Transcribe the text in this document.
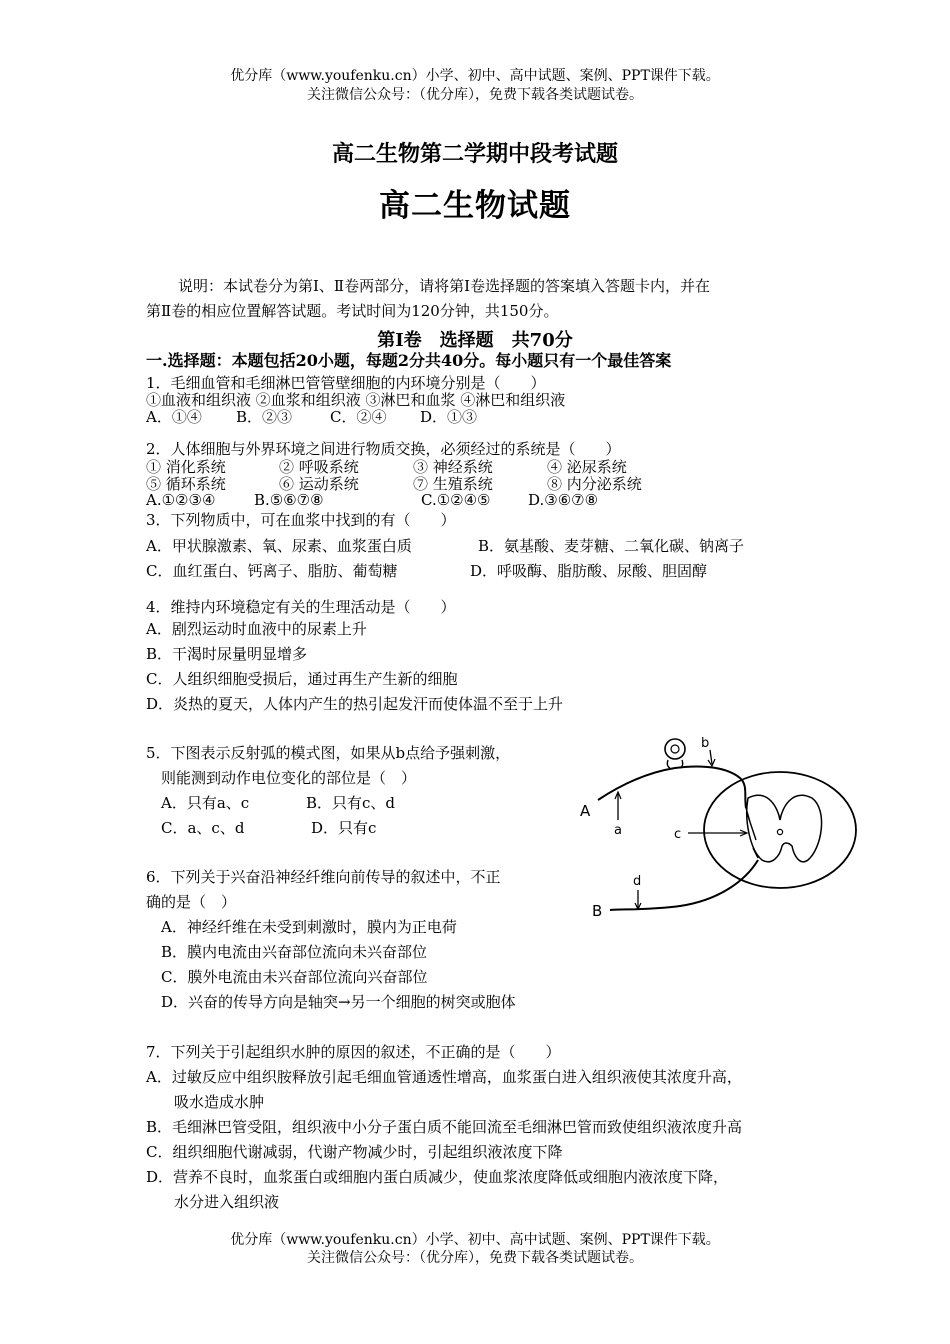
优分库（www.youfenku.cn）小学、初中、高中试题、案例、PPT课件下载。
关注微信公众号：（优分库），免费下载各类试题试卷。
高二生物第二学期中段考试题
高二生物试题
说明：本试卷分为第Ⅰ、Ⅱ卷两部分，请将第Ⅰ卷选择题的答案填入答题卡内，并在
第Ⅱ卷的相应位置解答试题。考试时间为120分钟，共150分。
第Ⅰ卷　选择题　共70分
一.选择题：本题包括20小题，每题2分共40分。每小题只有一个最佳答案
1．毛细血管和毛细淋巴管管壁细胞的内环境分别是（　　）
①血液和组织液 ②血浆和组织液 ③淋巴和血浆 ④淋巴和组织液
A．①④ B．②③	C．②④ D．①③
2．人体细胞与外界环境之间进行物质交换，必须经过的系统是（　　）
① 消化系统	② 呼吸系统	③ 神经系统	④ 泌尿系统
⑤ 循环系统	⑥ 运动系统	⑦ 生殖系统	⑧ 内分泌系统
A.①②③④	B.⑤⑥⑦⑧	C.①②④⑤	D.③⑥⑦⑧
3．下列物质中，可在血浆中找到的有（　　）
A．甲状腺激素、氧、尿素、血浆蛋白质	B．氨基酸、麦芽糖、二氧化碳、钠离子
C．血红蛋白、钙离子、脂肪、葡萄糖	D．呼吸酶、脂肪酸、尿酸、胆固醇
4．维持内环境稳定有关的生理活动是（　　）
A．剧烈运动时血液中的尿素上升
B．干渴时尿量明显增多
C．人组织细胞受损后，通过再生产生新的细胞
D．炎热的夏天，人体内产生的热引起发汗而使体温不至于上升
5．下图表示反射弧的模式图，如果从b点给予强刺激，
则能测到动作电位变化的部位是（　）
A．只有a、c	B．只有c、d
C．a、c、d	D．只有c
6．下列关于兴奋沿神经纤维向前传导的叙述中，不正
确的是（　）
A．神经纤维在未受到刺激时，膜内为正电荷
B．膜内电流由兴奋部位流向未兴奋部位
C．膜外电流由未兴奋部位流向兴奋部位
D．兴奋的传导方向是轴突→另一个细胞的树突或胞体
7．下列关于引起组织水肿的原因的叙述，不正确的是（　　）
A．过敏反应中组织胺释放引起毛细血管通透性增高，血浆蛋白进入组织液使其浓度升高，
吸水造成水肿
B．毛细淋巴管受阻，组织液中小分子蛋白质不能回流至毛细淋巴管而致使组织液浓度升高
C．组织细胞代谢减弱，代谢产物减少时，引起组织液浓度下降
D．营养不良时，血浆蛋白或细胞内蛋白质减少，使血浆浓度降低或细胞内液浓度下降，
水分进入组织液
A
a
b
c
d
B
优分库（www.youfenku.cn）小学、初中、高中试题、案例、PPT课件下载。
关注微信公众号：（优分库），免费下载各类试题试卷。
